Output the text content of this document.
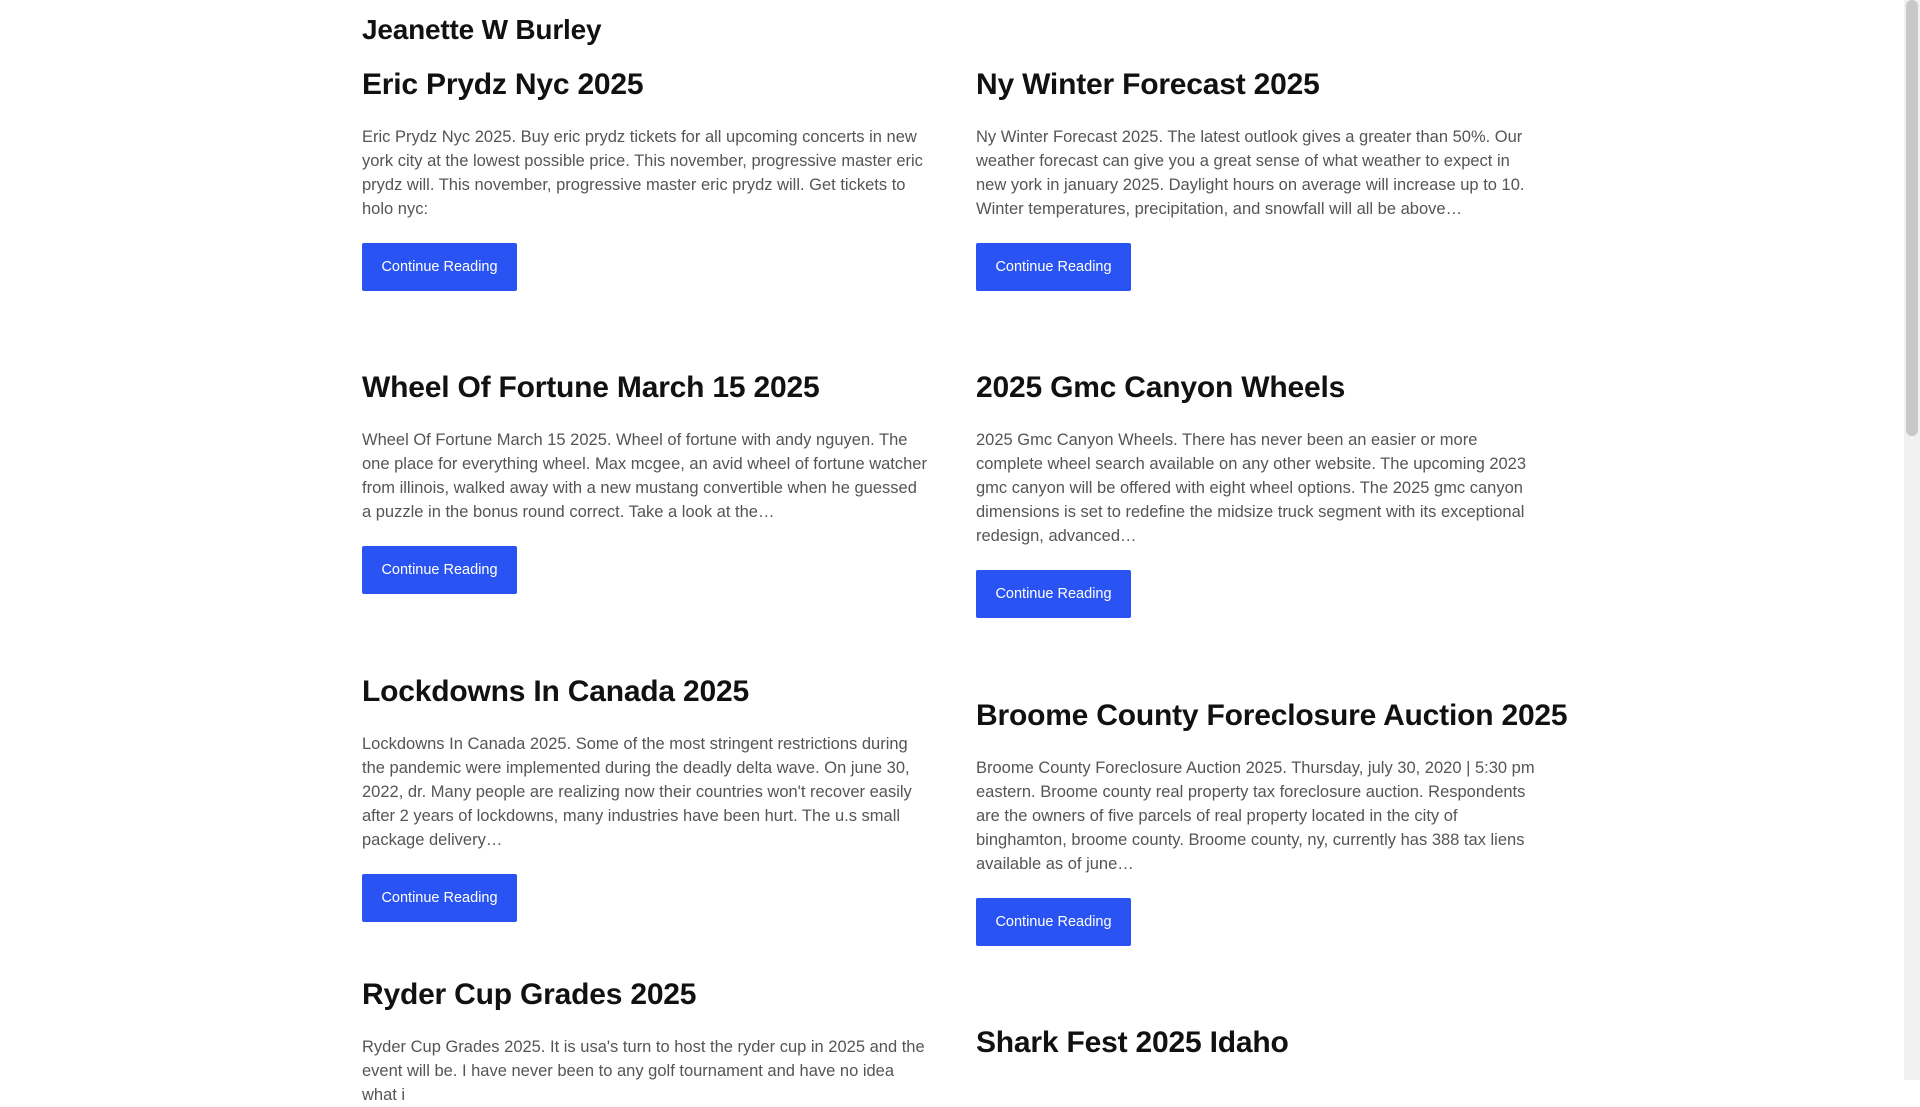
Jeanette W Burley
Eric Prydz Nyc 2025

Eric Prydz Nyc 2025. Buy eric prydz tickets for all upcoming concerts in new york city at the lowest possible price. This november, progressive master eric prydz will. This november, progressive master eric prydz will. Get tickets to holo nyc:

Continue Reading
Wheel Of Fortune March 15 2025

Wheel Of Fortune March 15 2025. Wheel of fortune with andy nguyen. The one place for everything wheel. Max mcgee, an avid wheel of fortune watcher from illinois, walked away with a new mustang convertible when he guessed a puzzle in the bonus round correct. Take a look at the…

Continue Reading
Lockdowns In Canada 2025

Lockdowns In Canada 2025. Some of the most stringent restrictions during the pandemic were implemented during the deadly delta wave. On june 30, 2022, dr. Many people are realizing now their countries won't recover easily after 2 years of lockdowns, many industries have been hurt. The u.s small package delivery…

Continue Reading
Ryder Cup Grades 2025

Ryder Cup Grades 2025. It is usa's turn to host the ryder cup in 2025 and the event will be. I have never been to any golf tournament and have no idea what i

Ny Winter Forecast 2025

Ny Winter Forecast 2025. The latest outlook gives a greater than 50%. Our weather forecast can give you a great sense of what weather to expect in new york in january 2025. Daylight hours on average will increase up to 10. Winter temperatures, precipitation, and snowfall will all be above…

Continue Reading
2025 Gmc Canyon Wheels

2025 Gmc Canyon Wheels. There has never been an easier or more complete wheel search available on any other website. The upcoming 2023 gmc canyon will be offered with eight wheel options. The 2025 gmc canyon dimensions is set to redefine the midsize truck segment with its exceptional redesign, advanced…

Continue Reading
Broome County Foreclosure Auction 2025

Broome County Foreclosure Auction 2025. Thursday, july 30, 2020 | 5:30 pm eastern. Broome county real property tax foreclosure auction. Respondents are the owners of five parcels of real property located in the city of binghamton, broome county. Broome county, ny, currently has 388 tax liens available as of june…

Continue Reading
Shark Fest 2025 Idaho
